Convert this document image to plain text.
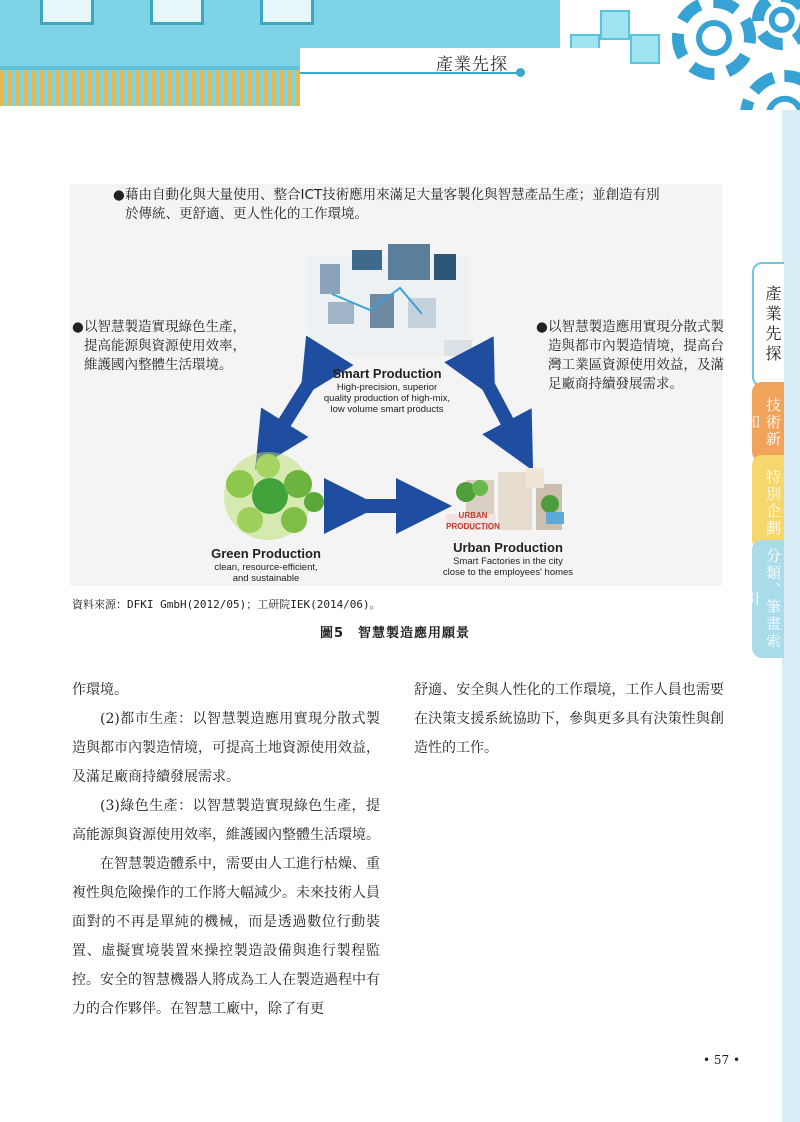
產業先探
產業先探
技術新知
特別企劃
分類、筆畫索引
● 藉由自動化與大量使用、整合ICT技術應用來滿足大量客製化與智慧產品生產；並創造有別於傳統、更舒適、更人性化的工作環境。
● 以智慧製造實現綠色生產，提高能源與資源使用效率，維護國內整體生活環境。
● 以智慧製造應用實現分散式製造與都市內製造情境，提高台灣工業區資源使用效益，及滿足廠商持續發展需求。
URBAN PRODUCTION
Smart Production
High-precision, superior
quality production of high-mix,
low volume smart products
Green Production
clean, resource-efficient,
and sustainable
Urban Production
Smart Factories in the city
close to the employees' homes
資料來源：DFKI GmbH(2012/05)；工研院IEK(2014/06)。
圖5　智慧製造應用願景

作環境。

(2)都市生產：以智慧製造應用實現分散式製造與都市內製造情境，可提高土地資源使用效益，及滿足廠商持續發展需求。

(3)綠色生產：以智慧製造實現綠色生產，提高能源與資源使用效率，維護國內整體生活環境。

在智慧製造體系中，需要由人工進行枯燥、重複性與危險操作的工作將大幅減少。未來技術人員面對的不再是單純的機械，而是透過數位行動裝置、虛擬實境裝置來操控製造設備與進行製程監控。安全的智慧機器人將成為工人在製造過程中有力的合作夥伴。在智慧工廠中，除了有更

舒適、安全與人性化的工作環境，工作人員也需要在決策支援系統協助下，參與更多具有決策性與創造性的工作。

• 57 •
